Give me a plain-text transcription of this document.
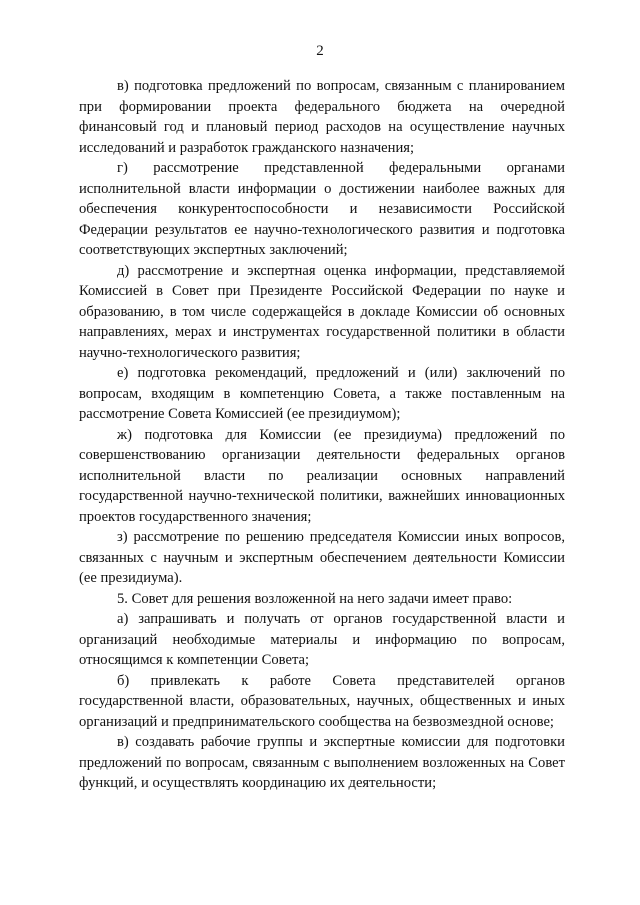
2

в) подготовка предложений по вопросам, связанным с планированием при формировании проекта федерального бюджета на очередной финансовый год и плановый период расходов на осуществление научных исследований и разработок гражданского назначения;

г) рассмотрение представленной федеральными органами исполнительной власти информации о достижении наиболее важных для обеспечения конкурентоспособности и независимости Российской Федерации результатов ее научно-технологического развития и подготовка соответствующих экспертных заключений;

д) рассмотрение и экспертная оценка информации, представляемой Комиссией в Совет при Президенте Российской Федерации по науке и образованию, в том числе содержащейся в докладе Комиссии об основных направлениях, мерах и инструментах государственной политики в области научно-технологического развития;

е) подготовка рекомендаций, предложений и (или) заключений по вопросам, входящим в компетенцию Совета, а также поставленным на рассмотрение Совета Комиссией (ее президиумом);

ж) подготовка для Комиссии (ее президиума) предложений по совершенствованию организации деятельности федеральных органов исполнительной власти по реализации основных направлений государственной научно-технической политики, важнейших инновационных проектов государственного значения;

з) рассмотрение по решению председателя Комиссии иных вопросов, связанных с научным и экспертным обеспечением деятельности Комиссии (ее президиума).

5. Совет для решения возложенной на него задачи имеет право:

а) запрашивать и получать от органов государственной власти и организаций необходимые материалы и информацию по вопросам, относящимся к компетенции Совета;

б) привлекать к работе Совета представителей органов государственной власти, образовательных, научных, общественных и иных организаций и предпринимательского сообщества на безвозмездной основе;

в) создавать рабочие группы и экспертные комиссии для подготовки предложений по вопросам, связанным с выполнением возложенных на Совет функций, и осуществлять координацию их деятельности;
